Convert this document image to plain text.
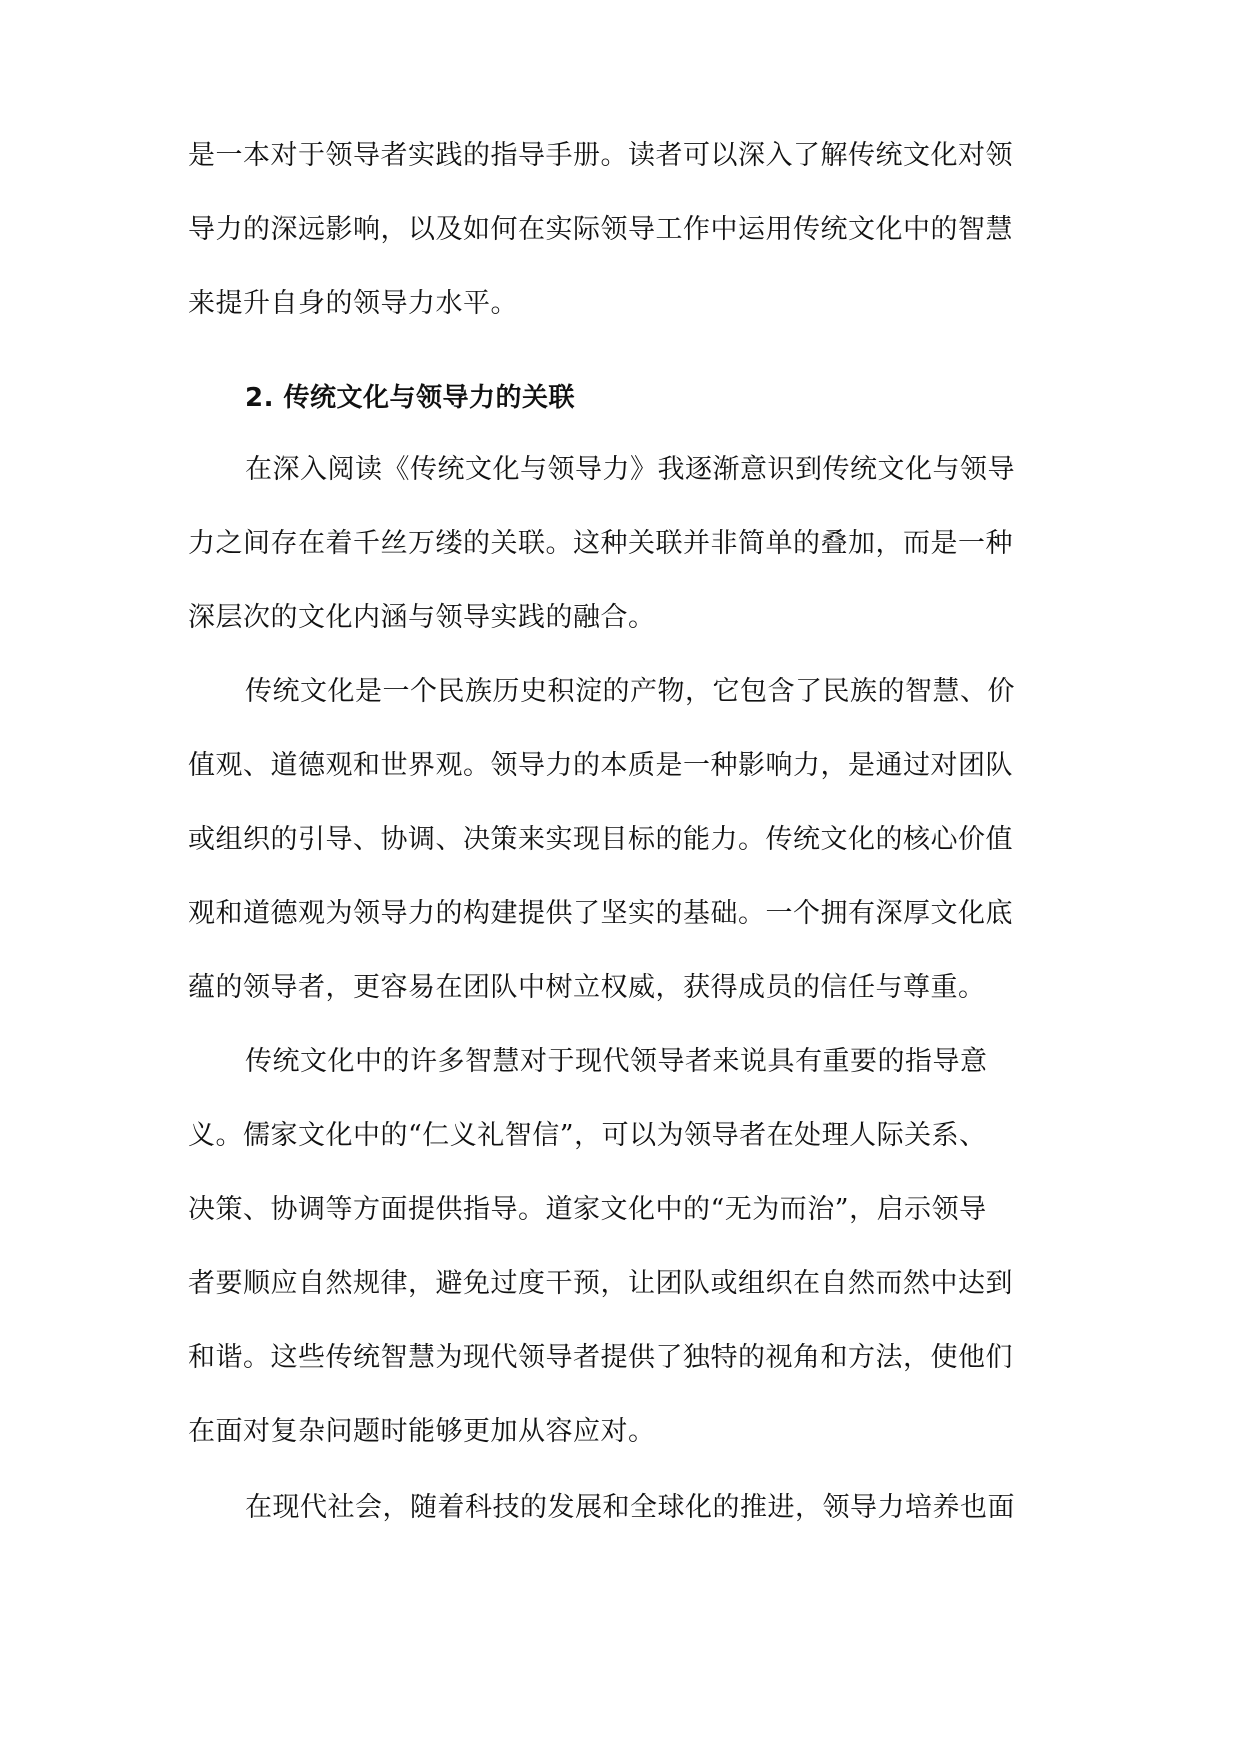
是一本对于领导者实践的指导手册。读者可以深入了解传统文化对领
导力的深远影响，以及如何在实际领导工作中运用传统文化中的智慧
来提升自身的领导力水平。
2. 传统文化与领导力的关联
在深入阅读《传统文化与领导力》我逐渐意识到传统文化与领导
力之间存在着千丝万缕的关联。这种关联并非简单的叠加，而是一种
深层次的文化内涵与领导实践的融合。
传统文化是一个民族历史积淀的产物，它包含了民族的智慧、价
值观、道德观和世界观。领导力的本质是一种影响力，是通过对团队
或组织的引导、协调、决策来实现目标的能力。传统文化的核心价值
观和道德观为领导力的构建提供了坚实的基础。一个拥有深厚文化底
蕴的领导者，更容易在团队中树立权威，获得成员的信任与尊重。
传统文化中的许多智慧对于现代领导者来说具有重要的指导意
义。儒家文化中的“仁义礼智信”，可以为领导者在处理人际关系、
决策、协调等方面提供指导。道家文化中的“无为而治”，启示领导
者要顺应自然规律，避免过度干预，让团队或组织在自然而然中达到
和谐。这些传统智慧为现代领导者提供了独特的视角和方法，使他们
在面对复杂问题时能够更加从容应对。
在现代社会，随着科技的发展和全球化的推进，领导力培养也面
